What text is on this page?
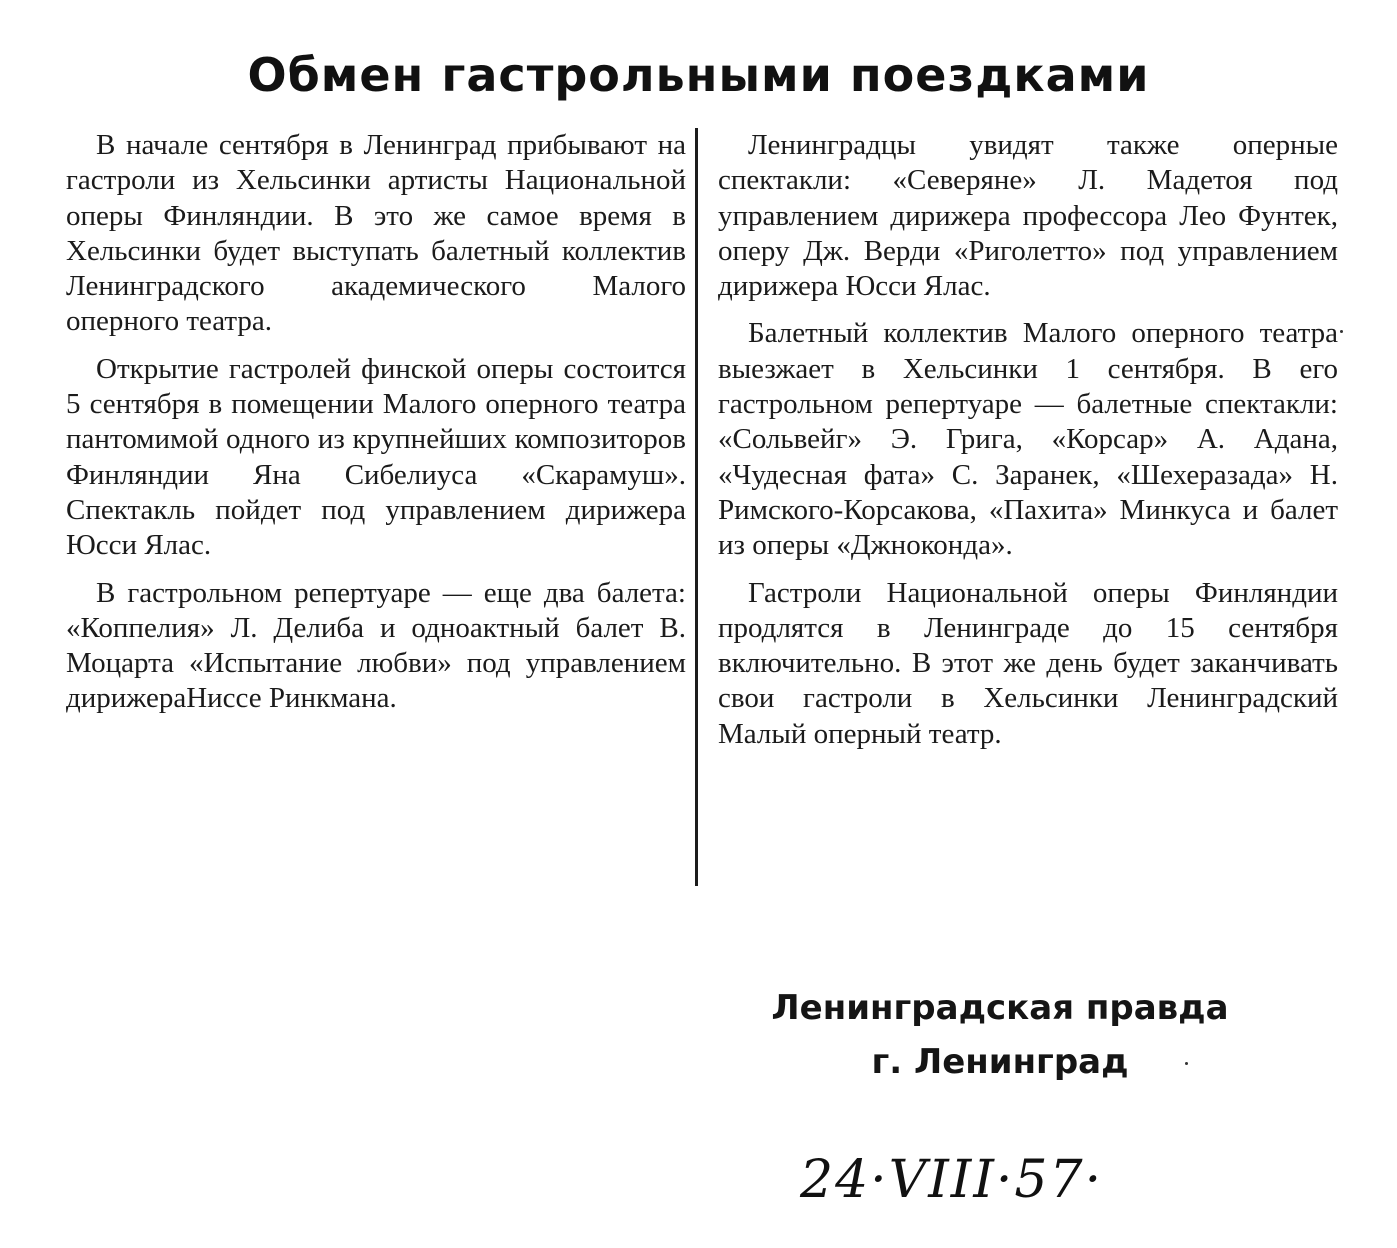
Обмен гастрольными поездками

В начале сентября в Ленинград прибывают на гастроли из Хельсинки артисты Национальной оперы Финляндии. В это же самое время в Хельсинки будет выступать балетный коллектив Ленинградского академического Малого оперного театра.

Открытие гастролей финской оперы состоится 5 сентября в помещении Малого оперного театра пантомимой одного из крупнейших композиторов Финляндии Яна Сибелиуса «Скарамуш». Спектакль пойдет под управлением дирижера Юсси Ялас.

В гастрольном репертуаре — еще два балета: «Коппелия» Л. Делиба и одноактный балет В. Моцарта «Испытание любви» под управлением дирижераНиссе Ринкмана.

Ленинградцы увидят также оперные спектакли: «Северяне» Л. Мадетоя под управлением дирижера профессора Лео Фунтек, оперу Дж. Верди «Риголетто» под управлением дирижера Юсси Ялас.

Балетный коллектив Малого оперного театра выезжает в Хельсинки 1 сентября. В его гастрольном репертуаре — балетные спектакли: «Сольвейг» Э. Грига, «Корсар» А. Адана, «Чудесная фата» С. Заранек, «Шехеразада» Н. Римского-Корсакова, «Пахита» Минкуса и балет из оперы «Джноконда».

Гастроли Национальной оперы Финляндии продлятся в Ленинграде до 15 сентября включительно. В этот же день будет заканчивать свои гастроли в Хельсинки Ленинградский Малый оперный театр.

Ленинградская правда
г. Ленинград
24·VIII·57·
